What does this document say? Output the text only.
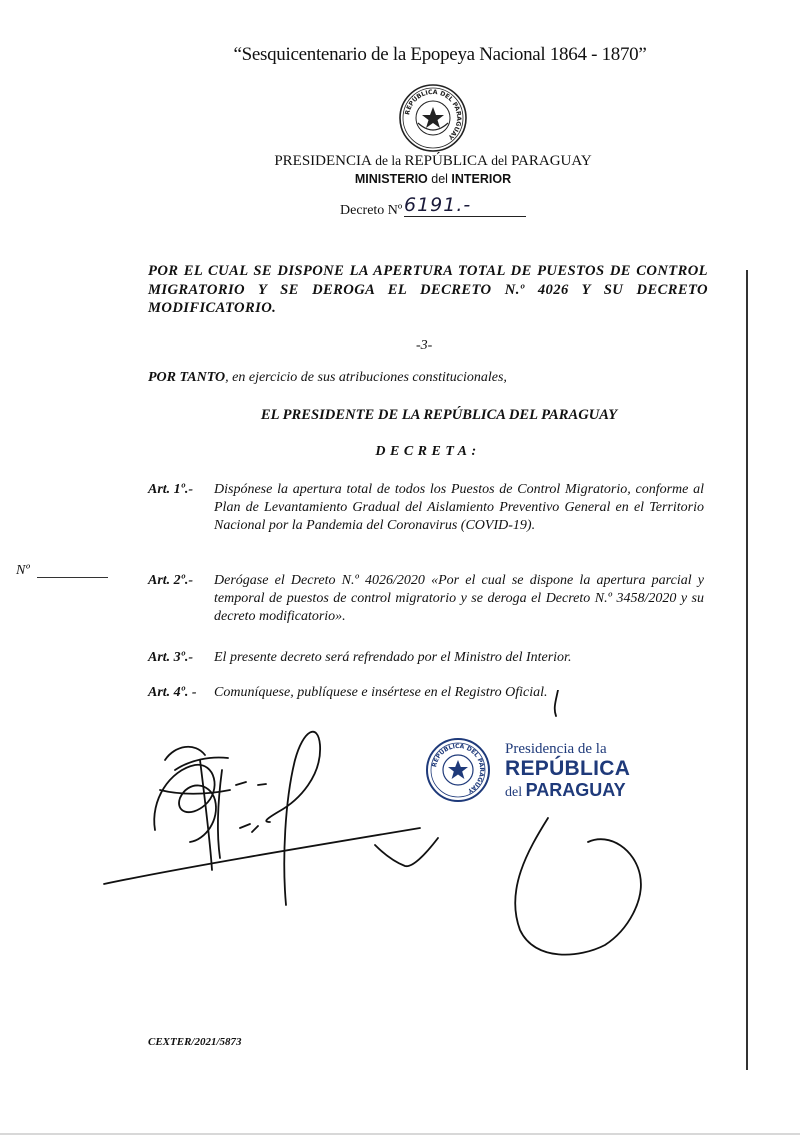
“Sesquicentenario de la Epopeya Nacional 1864 - 1870”
REPÚBLICA DEL PARAGUAY
PRESIDENCIA de la REPÚBLICA del PARAGUAY
MINISTERIO del INTERIOR
Decreto Nº 6191.-
POR EL CUAL SE DISPONE LA APERTURA TOTAL DE PUESTOS DE CONTROL MIGRATORIO Y SE DEROGA EL DECRETO N.º 4026 Y SU DECRETO MODIFICATORIO.
-3-
POR TANTO, en ejercicio de sus atribuciones constitucionales,
EL PRESIDENTE DE LA REPÚBLICA DEL PARAGUAY
DECRETA:
Art. 1º.- Dispónese la apertura total de todos los Puestos de Control Migratorio, conforme al Plan de Levantamiento Gradual del Aislamiento Preventivo General en el Territorio Nacional por la Pandemia del Coronavirus (COVID-19).
Art. 2º.- Derógase el Decreto N.º 4026/2020 «Por el cual se dispone la apertura parcial y temporal de puestos de control migratorio y se deroga el Decreto N.º 3458/2020 y su decreto modificatorio».
Art. 3º.- El presente decreto será refrendado por el Ministro del Interior.
Art. 4º. - Comuníquese, publíquese e insértese en el Registro Oficial.
Nº
REPÚBLICA DEL PARAGUAY
Presidencia de la
REPÚBLICA
del PARAGUAY
CEXTER/2021/5873
